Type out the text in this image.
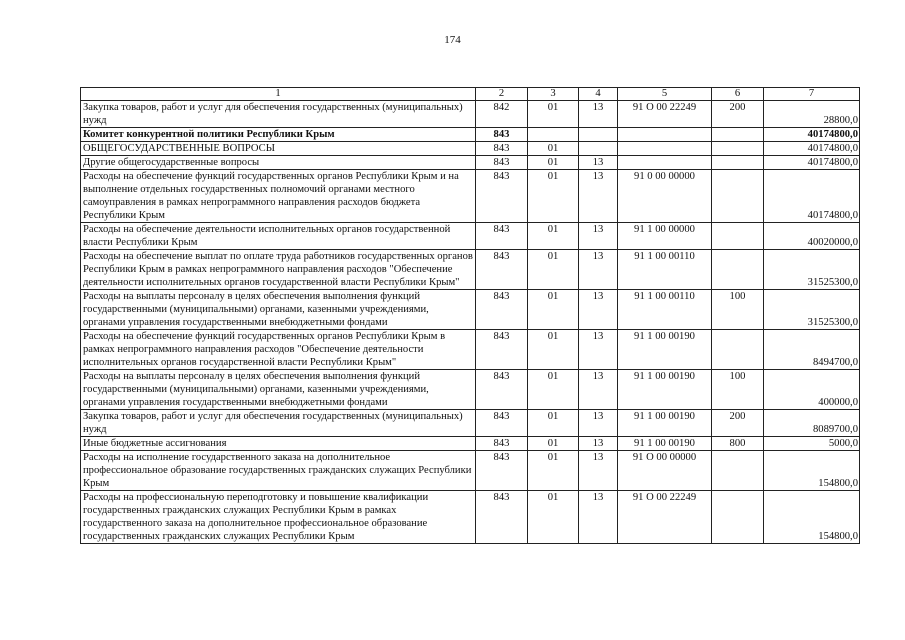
174
1	2	3	4	5	6	7
Закупка товаров, работ и услуг для обеспечения государственных (муниципальных) нужд	842	01	13	91 О 00 22249	200	28800,0
Комитет конкурентной политики Республики Крым	843					40174800,0
ОБЩЕГОСУДАРСТВЕННЫЕ ВОПРОСЫ	843	01				40174800,0
Другие общегосударственные вопросы	843	01	13			40174800,0
Расходы на обеспечение функций государственных органов Республики Крым и на выполнение отдельных государственных полномочий органами местного самоуправления в рамках непрограммного направления расходов бюджета Республики Крым	843	01	13	91 0 00 00000		40174800,0
Расходы на обеспечение деятельности исполнительных органов государственной власти Республики Крым	843	01	13	91 1 00 00000		40020000,0
Расходы на обеспечение выплат по оплате труда работников государственных органов Республики Крым в рамках непрограммного направления расходов "Обеспечение деятельности исполнительных органов государственной власти Республики Крым"	843	01	13	91 1 00 00110		31525300,0
Расходы на выплаты персоналу в целях обеспечения выполнения функций государственными (муниципальными) органами, казенными учреждениями, органами управления государственными внебюджетными фондами	843	01	13	91 1 00 00110	100	31525300,0
Расходы на обеспечение функций государственных органов Республики Крым в рамках непрограммного направления расходов "Обеспечение деятельности исполнительных органов государственной власти Республики Крым"	843	01	13	91 1 00 00190		8494700,0
Расходы на выплаты персоналу в целях обеспечения выполнения функций государственными (муниципальными) органами, казенными учреждениями, органами управления государственными внебюджетными фондами	843	01	13	91 1 00 00190	100	400000,0
Закупка товаров, работ и услуг для обеспечения государственных (муниципальных) нужд	843	01	13	91 1 00 00190	200	8089700,0
Иные бюджетные ассигнования	843	01	13	91 1 00 00190	800	5000,0
Расходы на исполнение государственного заказа на дополнительное профессиональное образование государственных гражданских служащих Республики Крым	843	01	13	91 О 00 00000		154800,0
Расходы на профессиональную переподготовку и повышение квалификации государственных гражданских служащих Республики Крым в рамках государственного заказа на дополнительное профессиональное образование государственных гражданских служащих Республики Крым	843	01	13	91 О 00 22249		154800,0
